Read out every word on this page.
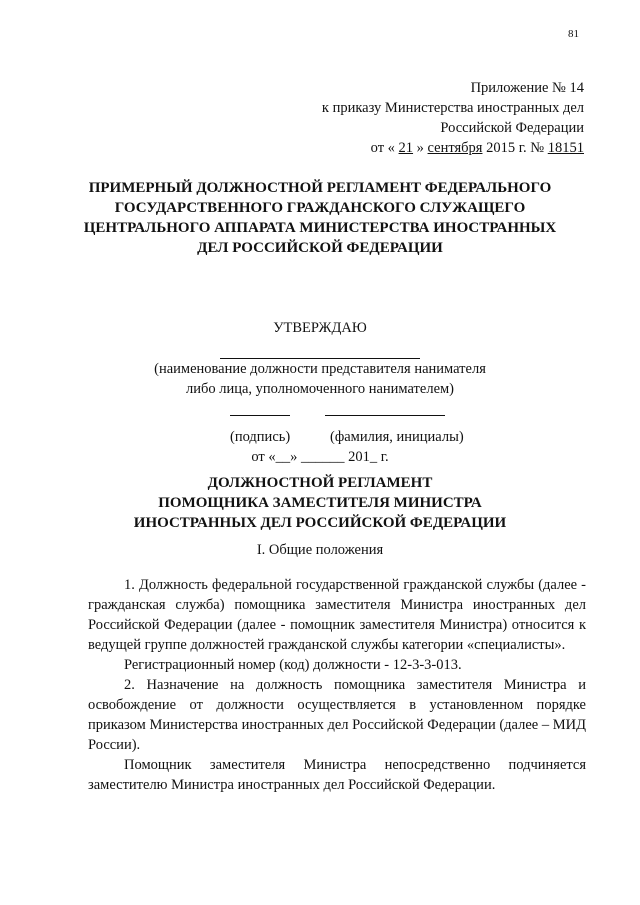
81
Приложение № 14
к приказу Министерства иностранных дел
Российской Федерации
от « 21 » сентября 2015 г. № 18151
ПРИМЕРНЫЙ ДОЛЖНОСТНОЙ РЕГЛАМЕНТ ФЕДЕРАЛЬНОГО
ГОСУДАРСТВЕННОГО ГРАЖДАНСКОГО СЛУЖАЩЕГО
ЦЕНТРАЛЬНОГО АППАРАТА МИНИСТЕРСТВА ИНОСТРАННЫХ
ДЕЛ РОССИЙСКОЙ ФЕДЕРАЦИИ
УТВЕРЖДАЮ
(наименование должности представителя нанимателя
либо лица, уполномоченного нанимателем)
(подпись)	(фамилия, инициалы)
от «__» ______ 201_ г.
ДОЛЖНОСТНОЙ РЕГЛАМЕНТ
ПОМОЩНИКА ЗАМЕСТИТЕЛЯ МИНИСТРА
ИНОСТРАННЫХ ДЕЛ РОССИЙСКОЙ ФЕДЕРАЦИИ
I. Общие положения

1. Должность федеральной государственной гражданской службы (далее - гражданская служба) помощника заместителя Министра иностранных дел Российской Федерации (далее - помощник заместителя Министра) относится к ведущей группе должностей гражданской службы категории «специалисты».

Регистрационный номер (код) должности - 12-3-3-013.

2. Назначение на должность помощника заместителя Министра и освобождение от должности осуществляется в установленном порядке приказом Министерства иностранных дел Российской Федерации (далее – МИД России).

Помощник заместителя Министра непосредственно подчиняется заместителю Министра иностранных дел Российской Федерации.
